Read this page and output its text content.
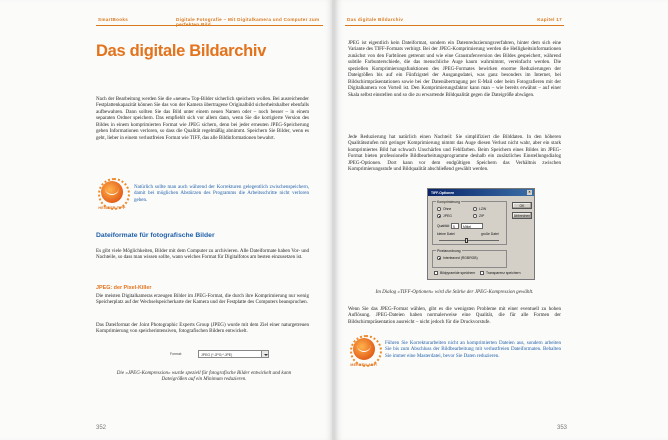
SmartBooks	Digitale Fotografie – Mit Digitalkamera und Computer zum perfekten Bild
Das digitale Bildarchiv
Nach der Bearbeitung werden Sie die »neuen« Top-Bilder sicherlich speichern wollen. Bei ausreichender Festplattenkapazität können Sie das von der Kamera übertragene Originalbild sicherheitshalber ebenfalls aufbewahren. Dann sollten Sie das Bild unter einem neuen Namen oder – noch besser – in einem separaten Ordner speichern. Das empfiehlt sich vor allem dann, wenn Sie die korrigierte Version des Bildes in einem komprimierten Format wie JPEG sichern, denn bei jeder erneuten JPEG-Speicherung gehen Informationen verloren, so dass die Qualität regelmäßig abnimmt. Speichern Sie Bilder, wenn es geht, lieber in einem verlustfreien Format wie TIFF, das alle Bildinformationen bewahrt.
HEISSER TIPP
Natürlich sollte man auch während der Korrekturen gelegentlich zwischenspeichern, damit bei möglichen Abstürzen des Programms die Arbeitsschritte nicht verloren gehen.
Dateiformate für fotografische Bilder
Es gibt viele Möglichkeiten, Bilder mit dem Computer zu archivieren. Alle Dateiformate haben Vor- und Nachteile, so dass man wissen sollte, wann welches Format für Digitalfotos am besten einzusetzen ist.
JPEG: der Pixel-Killer
Die meisten Digitalkameras erzeugen Bilder im JPEG-Format, die durch ihre Komprimierung nur wenig Speicherplatz auf der Wechselspeicherkarte der Kamera und der Festplatte des Computers beanspruchen.
Das Dateiformat der Joint Photographic Experts Group (JPEG) wurde mit dem Ziel einer naturgetreuen Komprimierung von speicherintensiven, fotografischen Bildern entwickelt.
Format:	JPEG (*.JPG;*.JPE)
Die »JPEG-Kompression« wurde speziell für fotografische Bilder entwickelt und kann Dateigrößen auf ein Minimum reduzieren.
352
Das digitale Bildarchiv	Kapitel 17
JPEG ist eigentlich kein Dateiformat, sondern ein Datenreduzierungsverfahren, hinter dem sich eine Variante des TIFF-Formats verbirgt. Bei der JPEG-Komprimierung werden die Helligkeitsinformationen zunächst von den Farbtönen getrennt und wie eine Graustufenversion des Bildes gespeichert, während subtile Farbunterschiede, die das menschliche Auge kaum wahrnimmt, vereinfacht werden. Die speziellen Komprimierungsfunktionen des JPEG-Formates bewirken enorme Reduzierungen der Dateigrößen bis auf ein Fünfzigstel der Ausgangsdatei, was ganz besonders im Internet, bei Bildschirmpräsentationen sowie bei der Datenübertragung per E-Mail oder beim Fotografieren mit der Digitalkamera von Vorteil ist. Den Komprimierungsfaktor kann man – wie bereits erwähnt – auf einer Skala selbst einstellen und so die zu erwartende Bildqualität gegen die Dateigröße abwägen.
Jede Reduzierung hat natürlich einen Nachteil: Sie simplifiziert die Bilddaten. In den höheren Qualitätsstufen mit geringer Komprimierung nimmt das Auge diesen Verlust nicht wahr, aber ein stark komprimiertes Bild hat schwach Unschärfen und Fehlfarben. Beim Speichern eines Bildes im JPEG-Format bieten professionelle Bildbearbeitungsprogramme deshalb ein zusätzliches Einstellungsdialog JPEG-Optionen. Dort kann vor dem endgültigen Speichern das Verhältnis zwischen Komprimierungsstufe und Bildqualität abschließend gewählt werden.
Im Dialog »TIFF-Optionen« wird die Stärke der JPEG-Kompression gewählt.
Wenn Sie das JPEG-Format wählen, gibt es die wenigsten Probleme mit einer eventuell zu hohen Auflösung. JPEG-Dateien haben normalerweise eine Qualität, die für alle Formen der Bildschirmpräsentation ausreicht – nicht jedoch für die Druckvorstufe.
MERKEN AUF!
Führen Sie Korrekturarbeiten nicht an komprimierten Dateien aus, sondern arbeiten Sie bis zum Abschluss der Bildbearbeitung mit verlustfreien Dateiformaten. Behalten Sie immer eine Masterdatei, bevor Sie Daten reduzieren.
353
TIFF-Optionen	×
Komprimierung
Ohne	LZW
JPEG	ZIP
Qualität: 5	Mittel
kleine Datei	große Datei
Pixelanordnung
Interleaved (RGBRGB)
Bildpyramide speichern	Transparenz speichern
OK
Abbrechen
